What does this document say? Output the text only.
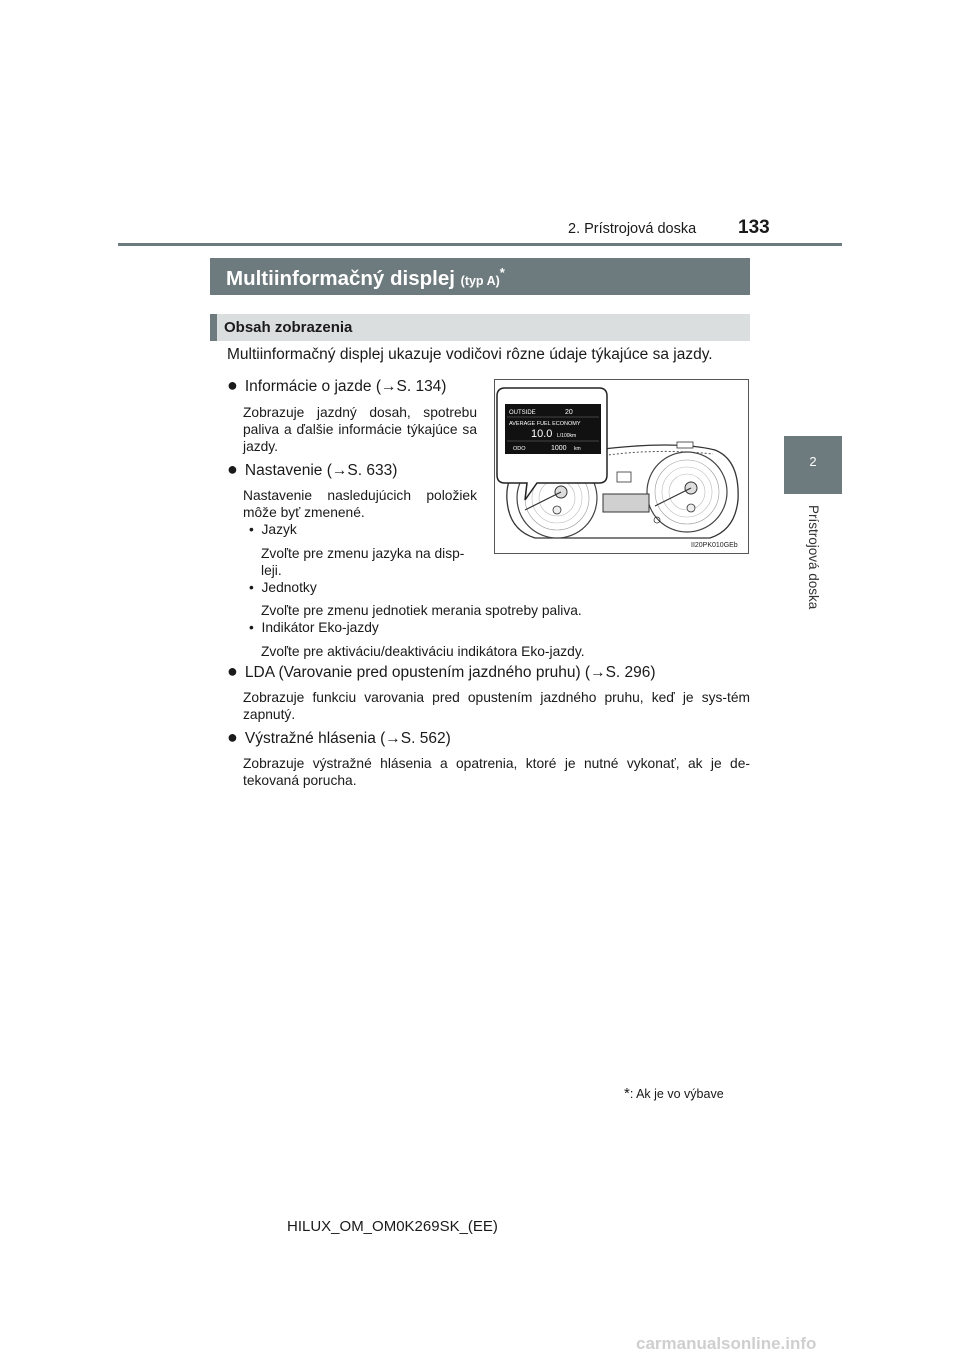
2. Prístrojová doska 133
2
Prístrojová doska
Multiinformačný displej (typ A)*
Obsah zobrazenia
Multiinformačný displej ukazuje vodičovi rôzne údaje týkajúce sa jazdy.
● Informácie o jazde (→S. 134)
Zobrazuje jazdný dosah, spotrebu paliva a ďalšie informácie týkajúce sa jazdy.
● Nastavenie (→S. 633)
Nastavenie nasledujúcich položiek môže byť zmenené.
•  Jazyk
Zvoľte pre zmenu jazyka na disp-
leji.
•  Jednotky
Zvoľte pre zmenu jednotiek merania spotreby paliva.
•  Indikátor Eko-jazdy
Zvoľte pre aktiváciu/deaktiváciu indikátora Eko-jazdy.
● LDA (Varovanie pred opustením jazdného pruhu) (→S. 296)
Zobrazuje funkciu varovania pred opustením jazdného pruhu, keď je sys-tém zapnutý.
● Výstražné hlásenia (→S. 562)
Zobrazuje výstražné hlásenia a opatrenia, ktoré je nutné vykonať, ak je de-tekovaná porucha.
OUTSIDE	20
AVERAGE FUEL ECONOMY
10.0 L/100km
ODO	1000 km
II20PK010GEb
*: Ak je vo výbave
HILUX_OM_OM0K269SK_(EE)
carmanualsonline.info
